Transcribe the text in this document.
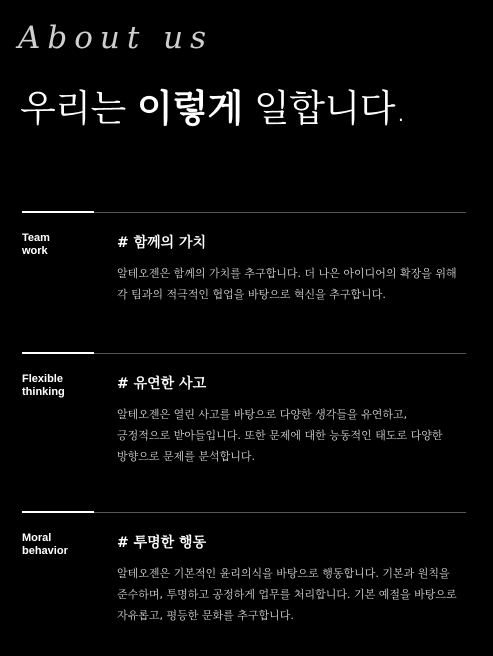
About us
우리는 이렇게 일합니다.
Team
work	# 함께의 가치
알테오젠은 함께의 가치를 추구합니다. 더 나은 아이디어의 확장을 위해 각 팀과의 적극적인 협업을 바탕으로 혁신을 추구합니다.
Flexible
thinking	# 유연한 사고
알테오젠은 열린 사고를 바탕으로 다양한 생각들을 유연하고, 긍정적으로 받아들입니다. 또한 문제에 대한 능동적인 태도로 다양한 방향으로 문제를 분석합니다.
Moral
behavior	# 투명한 행동
알테오젠은 기본적인 윤리의식을 바탕으로 행동합니다. 기본과 원칙을 준수하며, 투명하고 공정하게 업무를 처리합니다. 기본 예절을 바탕으로 자유롭고, 평등한 문화를 추구합니다.
